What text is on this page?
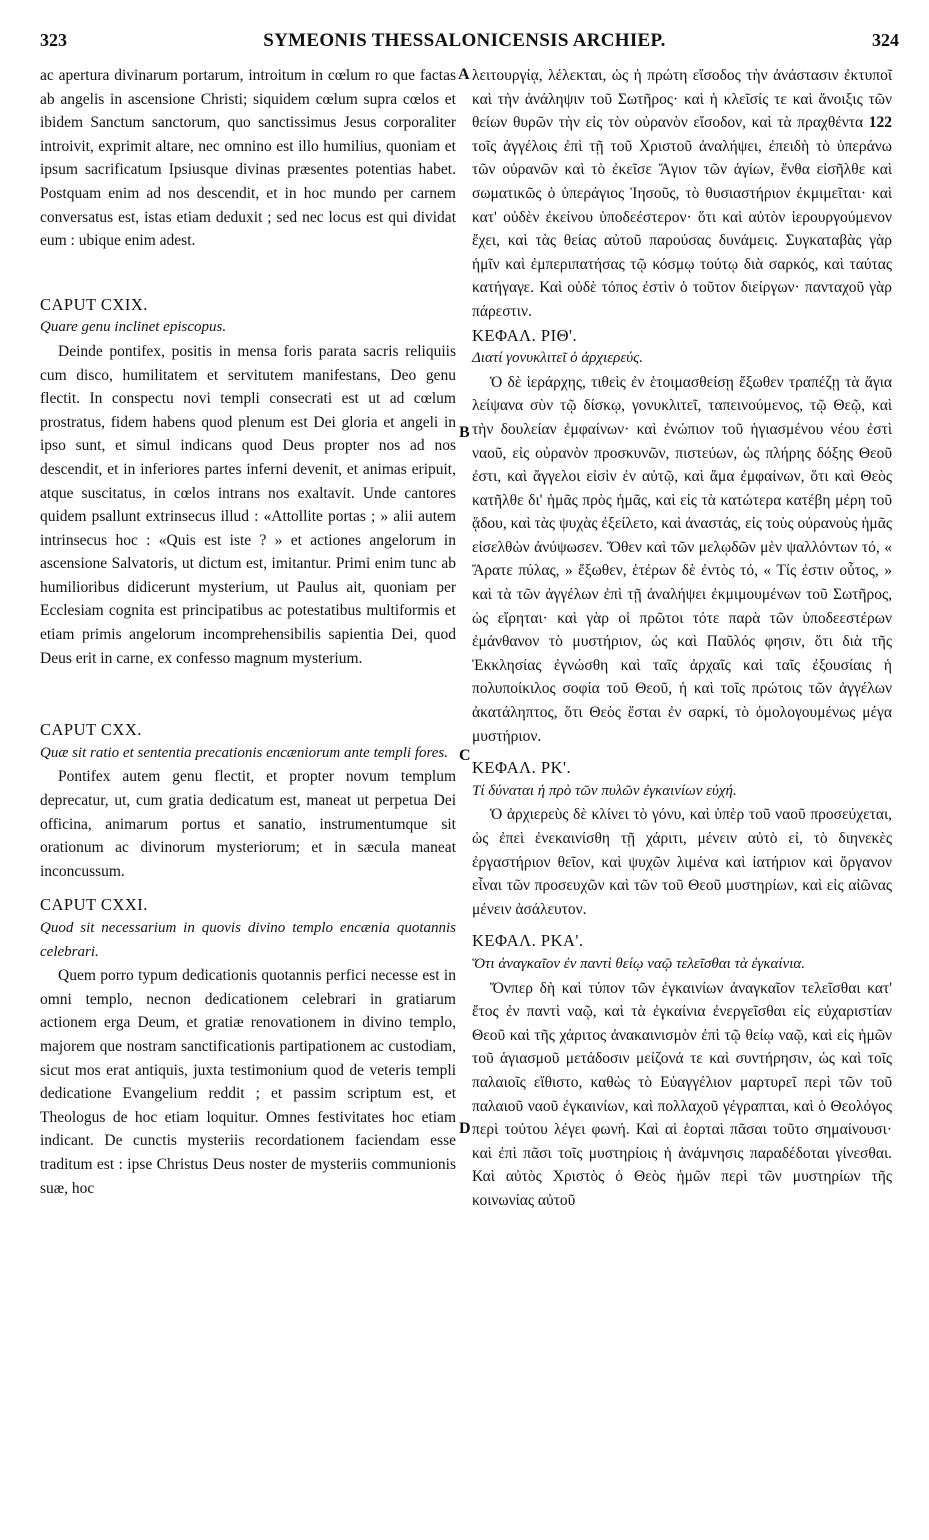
323	SYMEONIS THESSALONICENSIS ARCHIEP.	324
A
B
C
D

ac apertura divinarum portarum, introitum in cœlum ro que factas ab angelis in ascensione Christi; siquidem cœlum supra cœlos et ibidem Sanctum sanctorum, quo sanctissimus Jesus corporaliter introivit, exprimit altare, nec omnino est illo humilius, quoniam et ipsum sacrificatum Ipsiusque divinas præsentes potentias habet. Postquam enim ad nos descendit, et in hoc mundo per carnem conversatus est, istas etiam deduxit ; sed nec locus est qui dividat eum : ubique enim adest.

CAPUT CXIX.

Quare genu inclinet episcopus.

Deinde pontifex, positis in mensa foris parata sacris reliquiis cum disco, humilitatem et servitutem manifestans, Deo genu flectit. In conspectu novi templi consecrati est ut ad cœlum prostratus, fidem habens quod plenum est Dei gloria et angeli in ipso sunt, et simul indicans quod Deus propter nos ad nos descendit, et in inferiores partes inferni devenit, et animas eripuit, atque suscitatus, in cœlos intrans nos exaltavit. Unde cantores quidem psallunt extrinsecus illud : «Attollite portas ; » alii autem intrinsecus hoc : «Quis est iste ? » et actiones angelorum in ascensione Salvatoris, ut dictum est, imitantur. Primi enim tunc ab humilioribus didicerunt mysterium, ut Paulus ait, quoniam per Ecclesiam cognita est principatibus ac potestatibus multiformis et etiam primis angelorum incomprehensibilis sapientia Dei, quod Deus erit in carne, ex confesso magnum mysterium.

CAPUT CXX.

Quæ sit ratio et sententia precationis encæniorum ante templi fores.

Pontifex autem genu flectit, et propter novum templum deprecatur, ut, cum gratia dedicatum est, maneat ut perpetua Dei officina, animarum portus et sanatio, instrumentumque sit orationum ac divinorum mysteriorum; et in sæcula maneat inconcussum.

CAPUT CXXI.

Quod sit necessarium in quovis divino templo encænia quotannis celebrari.

Quem porro typum dedicationis quotannis perfici necesse est in omni templo, necnon dedicationem celebrari in gratiarum actionem erga Deum, et gratiæ renovationem in divino templo, majorem que nostram sanctificationis partipationem ac custodiam, sicut mos erat antiquis, juxta testimonium quod de veteris templi dedicatione Evangelium reddit ; et passim scriptum est, et Theologus de hoc etiam loquitur. Omnes festivitates hoc etiam indicant. De cunctis mysteriis recordationem faciendam esse traditum est : ipse Christus Deus noster de mysteriis communionis suæ, hoc

λειτουργίᾳ, λέλεκται, ὡς ἡ πρώτη εἴσοδος τὴν ἀνάστασιν ἐκτυποῖ καὶ τὴν ἀνάληψιν τοῦ Σωτῆρος· καὶ ἡ κλεῖσίς τε καὶ ἄνοιξις τῶν θείων θυρῶν τὴν εἰς τὸν οὐρανὸν εἴσοδον, καὶ τὰ πραχθέντα 122 τοῖς ἀγγέλοις ἐπὶ τῇ τοῦ Χριστοῦ ἀναλήψει, ἐπειδὴ τὸ ὑπεράνω τῶν οὐρανῶν καὶ τὸ ἐκεῖσε Ἅγιον τῶν ἁγίων, ἔνθα εἰσῆλθε καὶ σωματικῶς ὁ ὑπεράγιος Ἰησοῦς, τὸ θυσιαστήριον ἐκμιμεῖται· καὶ κατ' οὐδὲν ἐκείνου ὑποδεέστερον· ὅτι καὶ αὐτὸν ἱερουργούμενον ἔχει, καὶ τὰς θείας αὐτοῦ παρούσας δυνάμεις. Συγκαταβὰς γὰρ ἡμῖν καὶ ἐμπεριπατήσας τῷ κόσμῳ τούτῳ διὰ σαρκός, καὶ ταύτας κατήγαγε. Καὶ οὐδὲ τόπος ἐστὶν ὁ τοῦτον διείργων· πανταχοῦ γὰρ πάρεστιν.

ΚΕΦΑΛ. ΡΙΘ'.

Διατί γονυκλιτεῖ ὁ ἀρχιερεύς.

Ὁ δὲ ἱεράρχης, τιθεὶς ἐν ἑτοιμασθείσῃ ἔξωθεν τραπέζῃ τὰ ἅγια λείψανα σὺν τῷ δίσκῳ, γονυκλιτεῖ, ταπεινούμενος, τῷ Θεῷ, καὶ τὴν δουλείαν ἐμφαίνων· καὶ ἐνώπιον τοῦ ἡγιασμένου νέου ἐστὶ ναοῦ, εἰς οὐρανὸν προσκυνῶν, πιστεύων, ὡς πλήρης δόξης Θεοῦ ἐστι, καὶ ἄγγελοι εἰσὶν ἐν αὐτῷ, καὶ ἅμα ἐμφαίνων, ὅτι καὶ Θεὸς κατῆλθε δι' ἡμᾶς πρὸς ἡμᾶς, καὶ εἰς τὰ κατώτερα κατέβη μέρη τοῦ ᾅδου, καὶ τὰς ψυχὰς ἐξείλετο, καὶ ἀναστάς, εἰς τοὺς οὐρανοὺς ἡμᾶς εἰσελθὼν ἀνύψωσεν. Ὅθεν καὶ τῶν μελῳδῶν μὲν ψαλλόντων τό, « Ἄρατε πύλας, » ἔξωθεν, ἑτέρων δὲ ἐντὸς τό, « Τίς ἐστιν οὗτος, » καὶ τὰ τῶν ἀγγέλων ἐπὶ τῇ ἀναλήψει ἐκμιμουμένων τοῦ Σωτῆρος, ὡς εἴρηται· καὶ γὰρ οἱ πρῶτοι τότε παρὰ τῶν ὑποδεεστέρων ἐμάνθανον τὸ μυστήριον, ὡς καὶ Παῦλός φησιν, ὅτι διὰ τῆς Ἐκκλησίας ἐγνώσθη καὶ ταῖς ἀρχαῖς καὶ ταῖς ἐξουσίαις ἡ πολυποίκιλος σοφία τοῦ Θεοῦ, ἡ καὶ τοῖς πρώτοις τῶν ἀγγέλων ἀκατάληπτος, ὅτι Θεὸς ἔσται ἐν σαρκί, τὸ ὁμολογουμένως μέγα μυστήριον.

ΚΕΦΑΛ. ΡΚ'.

Τί δύναται ἡ πρὸ τῶν πυλῶν ἐγκαινίων εὐχή.

Ὁ ἀρχιερεὺς δὲ κλίνει τὸ γόνυ, καὶ ὑπὲρ τοῦ ναοῦ προσεύχεται, ὡς ἐπεὶ ἐνεκαινίσθη τῇ χάριτι, μένειν αὐτὸ εἰ, τὸ διηνεκὲς ἐργαστήριον θεῖον, καὶ ψυχῶν λιμένα καὶ ἰατήριον καὶ ὄργανον εἶναι τῶν προσευχῶν καὶ τῶν τοῦ Θεοῦ μυστηρίων, καὶ εἰς αἰῶνας μένειν ἀσάλευτον.

ΚΕΦΑΛ. ΡΚΑ'.

Ὅτι ἀναγκαῖον ἐν παντὶ θείῳ ναῷ τελεῖσθαι τὰ ἐγκαίνια.

Ὅνπερ δὴ καὶ τύπον τῶν ἐγκαινίων ἀναγκαῖον τελεῖσθαι κατ' ἔτος ἐν παντὶ ναῷ, καὶ τὰ ἐγκαίνια ἐνεργεῖσθαι εἰς εὐχαριστίαν Θεοῦ καὶ τῆς χάριτος ἀνακαινισμὸν ἐπὶ τῷ θείῳ ναῷ, καὶ εἰς ἡμῶν τοῦ ἁγιασμοῦ μετάδοσιν μείζονά τε καὶ συντήρησιν, ὡς καὶ τοῖς παλαιοῖς εἴθιστο, καθὼς τὸ Εὐαγγέλιον μαρτυρεῖ περὶ τῶν τοῦ παλαιοῦ ναοῦ ἐγκαινίων, καὶ πολλαχοῦ γέγραπται, καὶ ὁ Θεολόγος περὶ τούτου λέγει φωνή. Καὶ αἱ ἑορταὶ πᾶσαι τοῦτο σημαίνουσι· καὶ ἐπὶ πᾶσι τοῖς μυστηρίοις ἡ ἀνάμνησις παραδέδοται γίνεσθαι. Καὶ αὐτὸς Χριστὸς ὁ Θεὸς ἡμῶν περὶ τῶν μυστηρίων τῆς κοινωνίας αὐτοῦ
